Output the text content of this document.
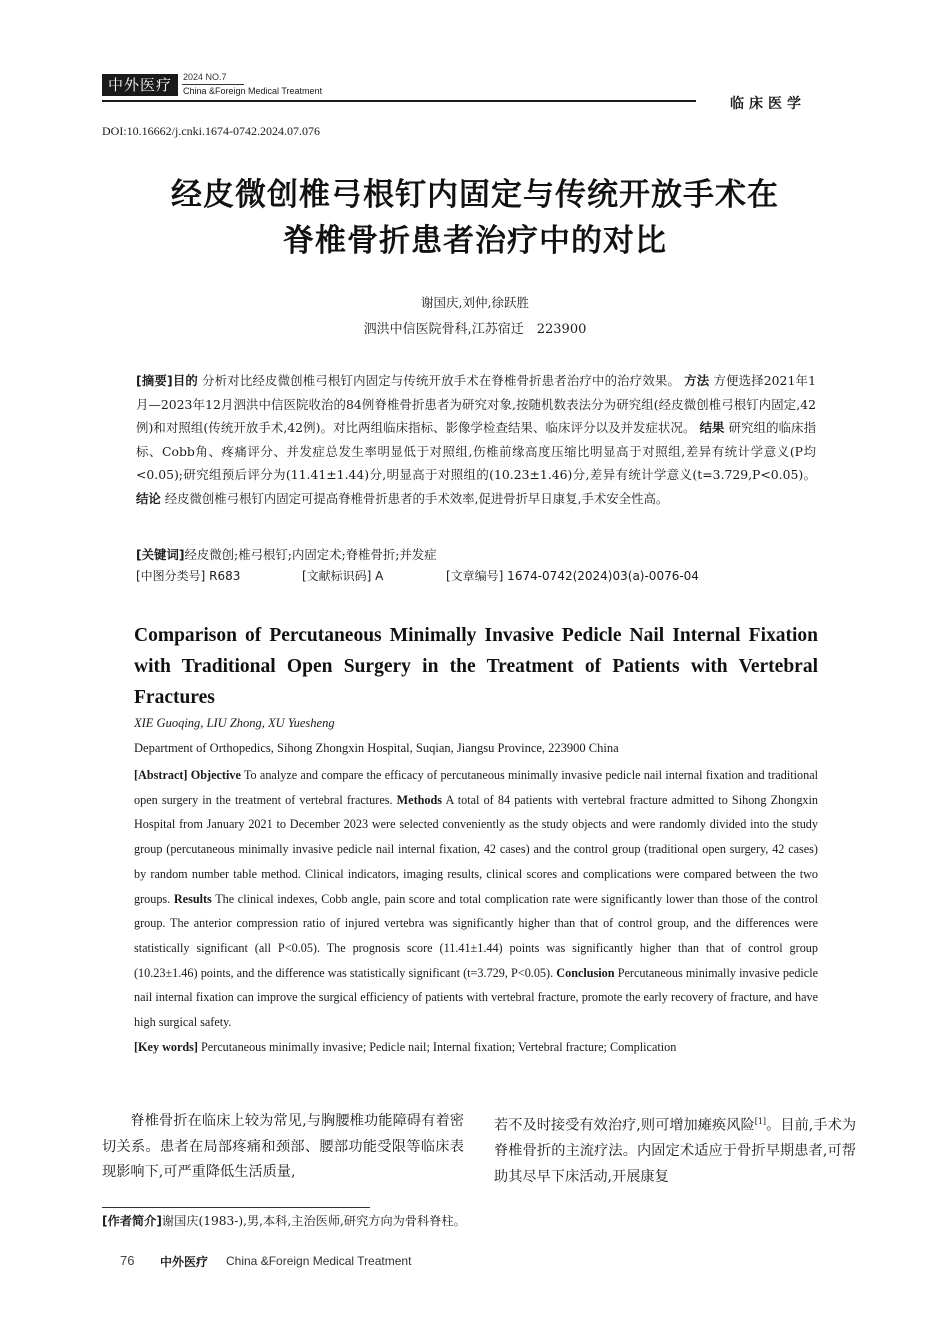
中外医疗	2024 NO.7
China &Foreign Medical Treatment
临床医学
DOI:10.16662/j.cnki.1674-0742.2024.07.076
经皮微创椎弓根钉内固定与传统开放手术在
脊椎骨折患者治疗中的对比
谢国庆,刘仲,徐跃胜
泗洪中信医院骨科,江苏宿迁　223900
[摘要]目的 分析对比经皮微创椎弓根钉内固定与传统开放手术在脊椎骨折患者治疗中的治疗效果。 方法 方便选择2021年1月—2023年12月泗洪中信医院收治的84例脊椎骨折患者为研究对象,按随机数表法分为研究组(经皮微创椎弓根钉内固定,42例)和对照组(传统开放手术,42例)。对比两组临床指标、影像学检查结果、临床评分以及并发症状况。 结果 研究组的临床指标、Cobb角、疼痛评分、并发症总发生率明显低于对照组,伤椎前缘高度压缩比明显高于对照组,差异有统计学意义(P均<0.05);研究组预后评分为(11.41±1.44)分,明显高于对照组的(10.23±1.46)分,差异有统计学意义(t=3.729,P<0.05)。 结论 经皮微创椎弓根钉内固定可提高脊椎骨折患者的手术效率,促进骨折早日康复,手术安全性高。
[关键词]经皮微创;椎弓根钉;内固定术;脊椎骨折;并发症
[中图分类号] R683	[文献标识码] A	[文章编号] 1674-0742(2024)03(a)-0076-04
Comparison of Percutaneous Minimally Invasive Pedicle Nail Internal Fixation with Traditional Open Surgery in the Treatment of Patients with Vertebral Fractures
XIE Guoqing, LIU Zhong, XU Yuesheng
Department of Orthopedics, Sihong Zhongxin Hospital, Suqian, Jiangsu Province, 223900 China
[Abstract] Objective To analyze and compare the efficacy of percutaneous minimally invasive pedicle nail internal fixation and traditional open surgery in the treatment of vertebral fractures. Methods A total of 84 patients with vertebral fracture admitted to Sihong Zhongxin Hospital from January 2021 to December 2023 were selected conveniently as the study objects and were randomly divided into the study group (percutaneous minimally invasive pedicle nail internal fixation, 42 cases) and the control group (traditional open surgery, 42 cases) by random number table method. Clinical indicators, imaging results, clinical scores and complications were compared between the two groups. Results The clinical indexes, Cobb angle, pain score and total complication rate were significantly lower than those of the control group. The anterior compression ratio of injured vertebra was significantly higher than that of control group, and the differences were statistically significant (all P<0.05). The prognosis score (11.41±1.44) points was significantly higher than that of control group (10.23±1.46) points, and the difference was statistically significant (t=3.729, P<0.05). Conclusion Percutaneous minimally invasive pedicle nail internal fixation can improve the surgical efficiency of patients with vertebral fracture, promote the early recovery of fracture, and have high surgical safety.
[Key words] Percutaneous minimally invasive; Pedicle nail; Internal fixation; Vertebral fracture; Complication
脊椎骨折在临床上较为常见,与胸腰椎功能障碍有着密切关系。患者在局部疼痛和颈部、腰部功能受限等临床表现影响下,可严重降低生活质量,
若不及时接受有效治疗,则可增加瘫痪风险[1]。目前,手术为脊椎骨折的主流疗法。内固定术适应于骨折早期患者,可帮助其尽早下床活动,开展康复
[作者简介]谢国庆(1983-),男,本科,主治医师,研究方向为骨科脊柱。
76 中外医疗 China &Foreign Medical Treatment
